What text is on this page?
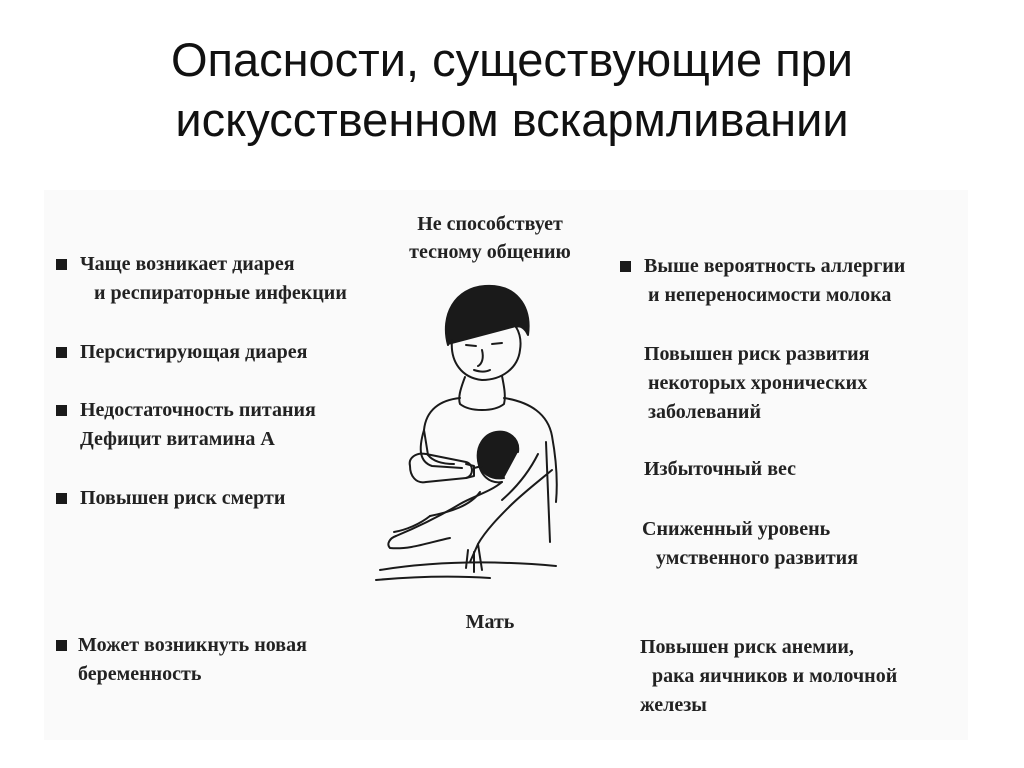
Опасности, существующие при
искусственном вскармливании
Чаще возникает диарея
и респираторные инфекции
Персистирующая диарея
Недостаточность питания
Дефицит витамина А
Повышен риск смерти
Может возникнуть новая
беременность
Выше вероятность аллергии
и непереносимости молока
Повышен риск развития
некоторых хронических
заболеваний
Избыточный вес
Сниженный уровень
умственного развития
Повышен риск анемии,
рака яичников и молочной
железы
Не способствует
тесному общению
Мать
